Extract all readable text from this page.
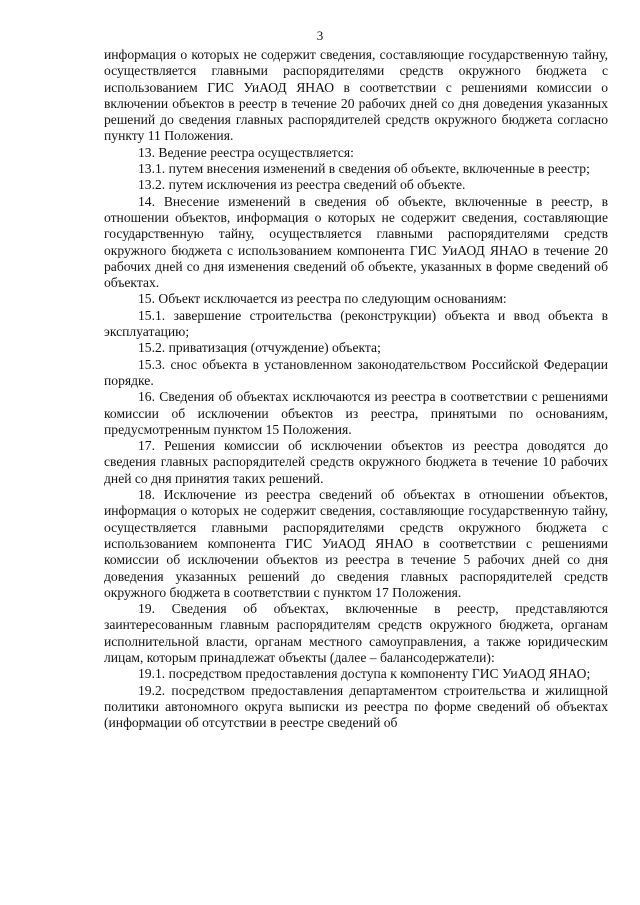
3

информация о которых не содержит сведения, составляющие государственную тайну, осуществляется главными распорядителями средств окружного бюджета с использованием ГИС УиАОД ЯНАО в соответствии с решениями комиссии о включении объектов в реестр в течение 20 рабочих дней со дня доведения указанных решений до сведения главных распорядителей средств окружного бюджета согласно пункту 11 Положения.

13. Ведение реестра осуществляется:

13.1. путем внесения изменений в сведения об объекте, включенные в реестр;

13.2. путем исключения из реестра сведений об объекте.

14. Внесение изменений в сведения об объекте, включенные в реестр, в отношении объектов, информация о которых не содержит сведения, составляющие государственную тайну, осуществляется главными распорядителями средств окружного бюджета с использованием компонента ГИС УиАОД ЯНАО в течение 20 рабочих дней со дня изменения сведений об объекте, указанных в форме сведений об объектах.

15. Объект исключается из реестра по следующим основаниям:

15.1. завершение строительства (реконструкции) объекта и ввод объекта в эксплуатацию;

15.2. приватизация (отчуждение) объекта;

15.3. снос объекта в установленном законодательством Российской Федерации порядке.

16. Сведения об объектах исключаются из реестра в соответствии с решениями комиссии об исключении объектов из реестра, принятыми по основаниям, предусмотренным пунктом 15 Положения.

17. Решения комиссии об исключении объектов из реестра доводятся до сведения главных распорядителей средств окружного бюджета в течение 10 рабочих дней со дня принятия таких решений.

18. Исключение из реестра сведений об объектах в отношении объектов, информация о которых не содержит сведения, составляющие государственную тайну, осуществляется главными распорядителями средств окружного бюджета с использованием компонента ГИС УиАОД ЯНАО в соответствии с решениями комиссии об исключении объектов из реестра в течение 5 рабочих дней со дня доведения указанных решений до сведения главных распорядителей средств окружного бюджета в соответствии с пунктом 17 Положения.

19. Сведения об объектах, включенные в реестр, представляются заинтересованным главным распорядителям средств окружного бюджета, органам исполнительной власти, органам местного самоуправления, а также юридическим лицам, которым принадлежат объекты (далее – балансодержатели):

19.1. посредством предоставления доступа к компоненту ГИС УиАОД ЯНАО;

19.2. посредством предоставления департаментом строительства и жилищной политики автономного округа выписки из реестра по форме сведений об объектах (информации об отсутствии в реестре сведений об
